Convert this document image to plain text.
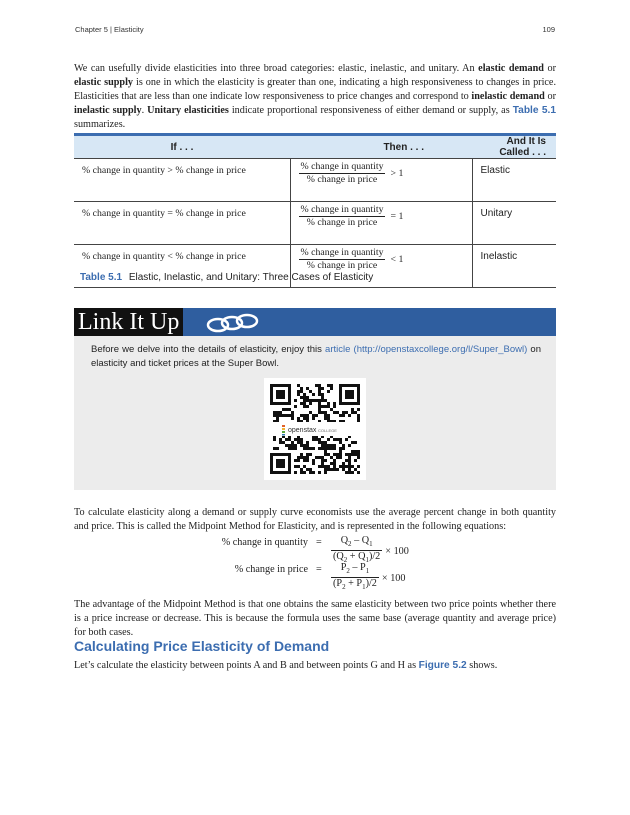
Chapter 5 | Elasticity	109
We can usefully divide elasticities into three broad categories: elastic, inelastic, and unitary. An elastic demand or elastic supply is one in which the elasticity is greater than one, indicating a high responsiveness to changes in price. Elasticities that are less than one indicate low responsiveness to price changes and correspond to inelastic demand or inelastic supply. Unitary elasticities indicate proportional responsiveness of either demand or supply, as Table 5.1 summarizes.
If . . .	Then . . .	And It Is Called . . .
% change in quantity > % change in price	$\frac{\text{\% change in quantity}}{\text{\% change in price}} > 1$	Elastic
% change in quantity = % change in price	$\frac{\text{\% change in quantity}}{\text{\% change in price}} = 1$	Unitary
% change in quantity < % change in price	$\frac{\text{\% change in quantity}}{\text{\% change in price}} < 1$	Inelastic
Table 5.1 Elastic, Inelastic, and Unitary: Three Cases of Elasticity
Link It Up
Before we delve into the details of elasticity, enjoy this article (http://openstaxcollege.org/l/Super_Bowl) on elasticity and ticket prices at the Super Bowl.
openstax COLLEGE
To calculate elasticity along a demand or supply curve economists use the average percent change in both quantity and price. This is called the Midpoint Method for Elasticity, and is represented in the following equations:
% change in quantity = $\frac{Q_2 - Q_1}{(Q_2 + Q_1)/2} \times 100$
% change in price = $\frac{P_2 - P_1}{(P_2 + P_1)/2} \times 100$
The advantage of the Midpoint Method is that one obtains the same elasticity between two price points whether there is a price increase or decrease. This is because the formula uses the same base (average quantity and average price) for both cases.
Calculating Price Elasticity of Demand
Let’s calculate the elasticity between points A and B and between points G and H as Figure 5.2 shows.
